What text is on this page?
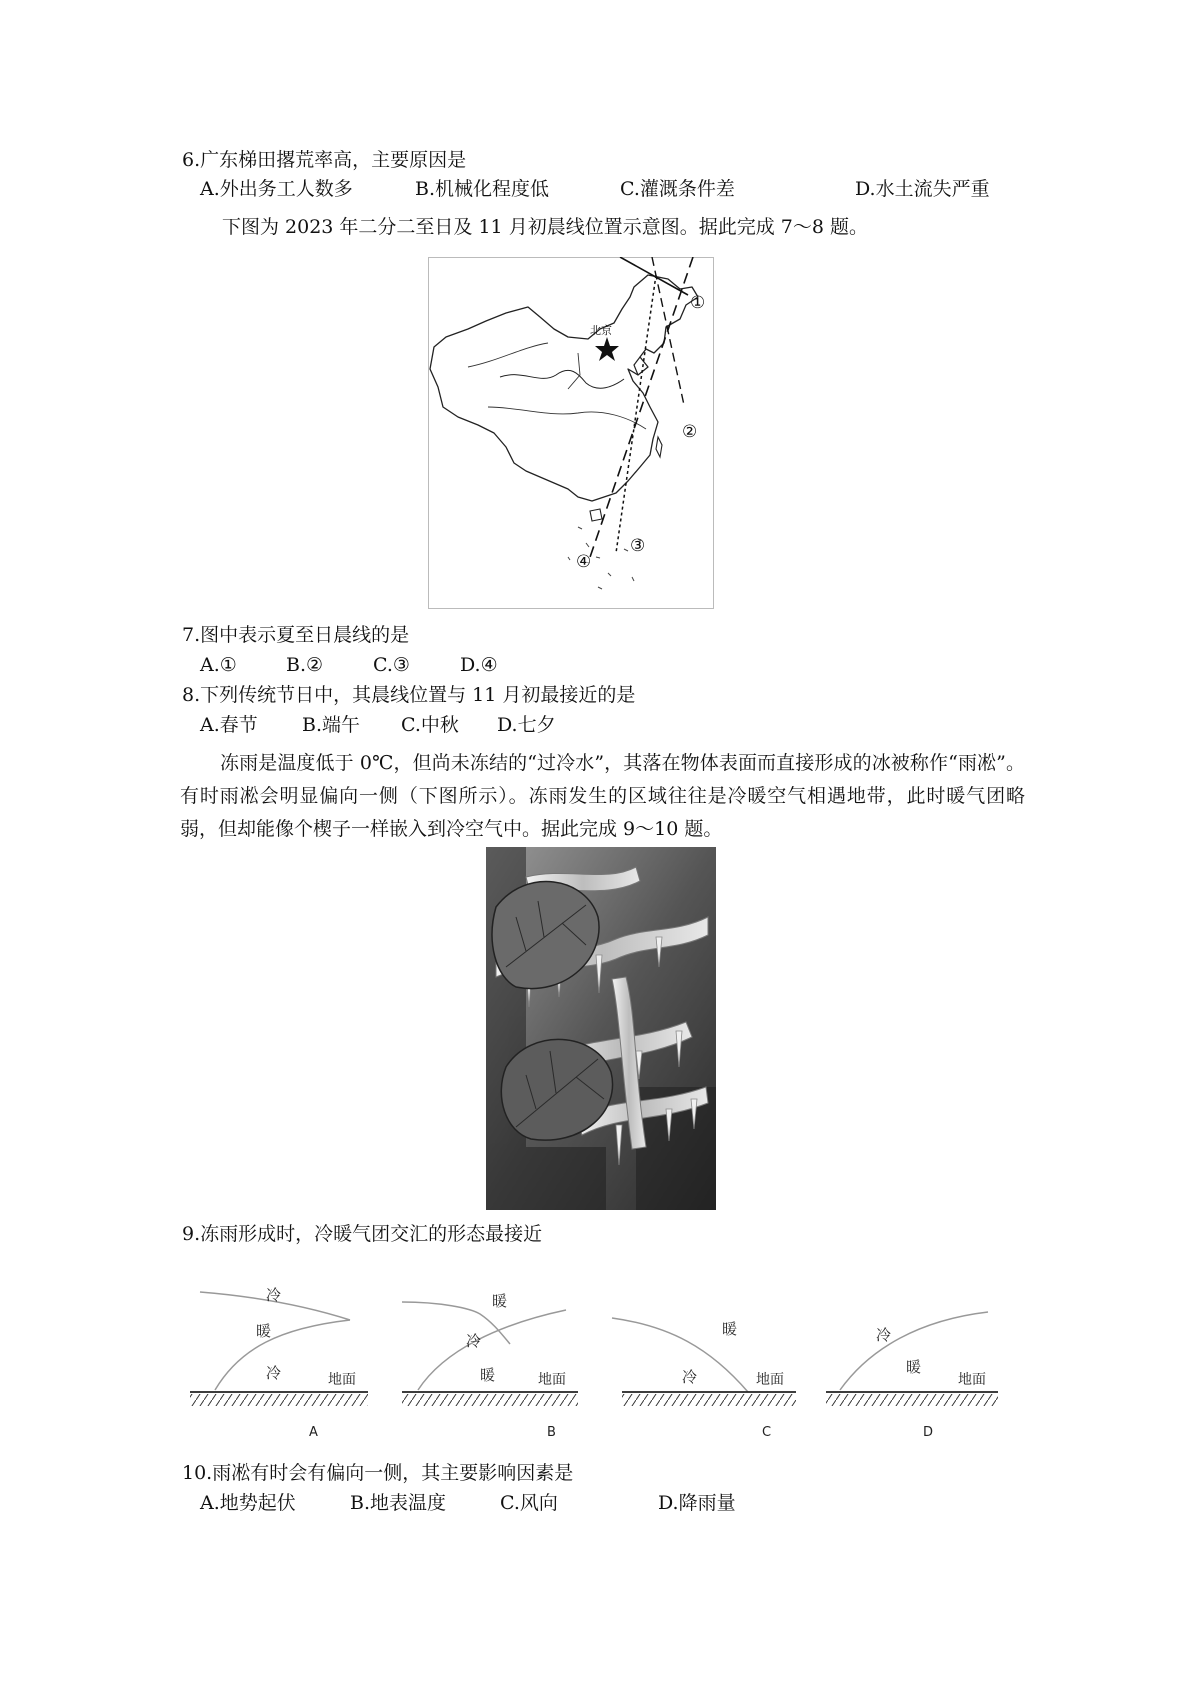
6.广东梯田撂荒率高，主要原因是
A.外出务工人数多	B.机械化程度低	C.灌溉条件差	D.水土流失严重
下图为 2023 年二分二至日及 11 月初晨线位置示意图。据此完成 7～8 题。
北京
①
②
③
④
7.图中表示夏至日晨线的是
A.①	B.②	C.③	D.④
8.下列传统节日中，其晨线位置与 11 月初最接近的是
A.春节 B.端午 C.中秋 D.七夕
冻雨是温度低于 0℃，但尚未冻结的“过冷水”，其落在物体表面而直接形成的冰被称作“雨凇”。有时雨凇会明显偏向一侧（下图所示）。冻雨发生的区域往往是冷暖空气相遇地带，此时暖气团略弱，但却能像个楔子一样嵌入到冷空气中。据此完成 9～10 题。
9.冻雨形成时，冷暖气团交汇的形态最接近
冷
暖
冷	地面
A
暖
冷
暖	地面
B
暖
冷	地面
C
冷
暖
地面
D
10.雨凇有时会有偏向一侧，其主要影响因素是
A.地势起伏	B.地表温度	C.风向	D.降雨量
